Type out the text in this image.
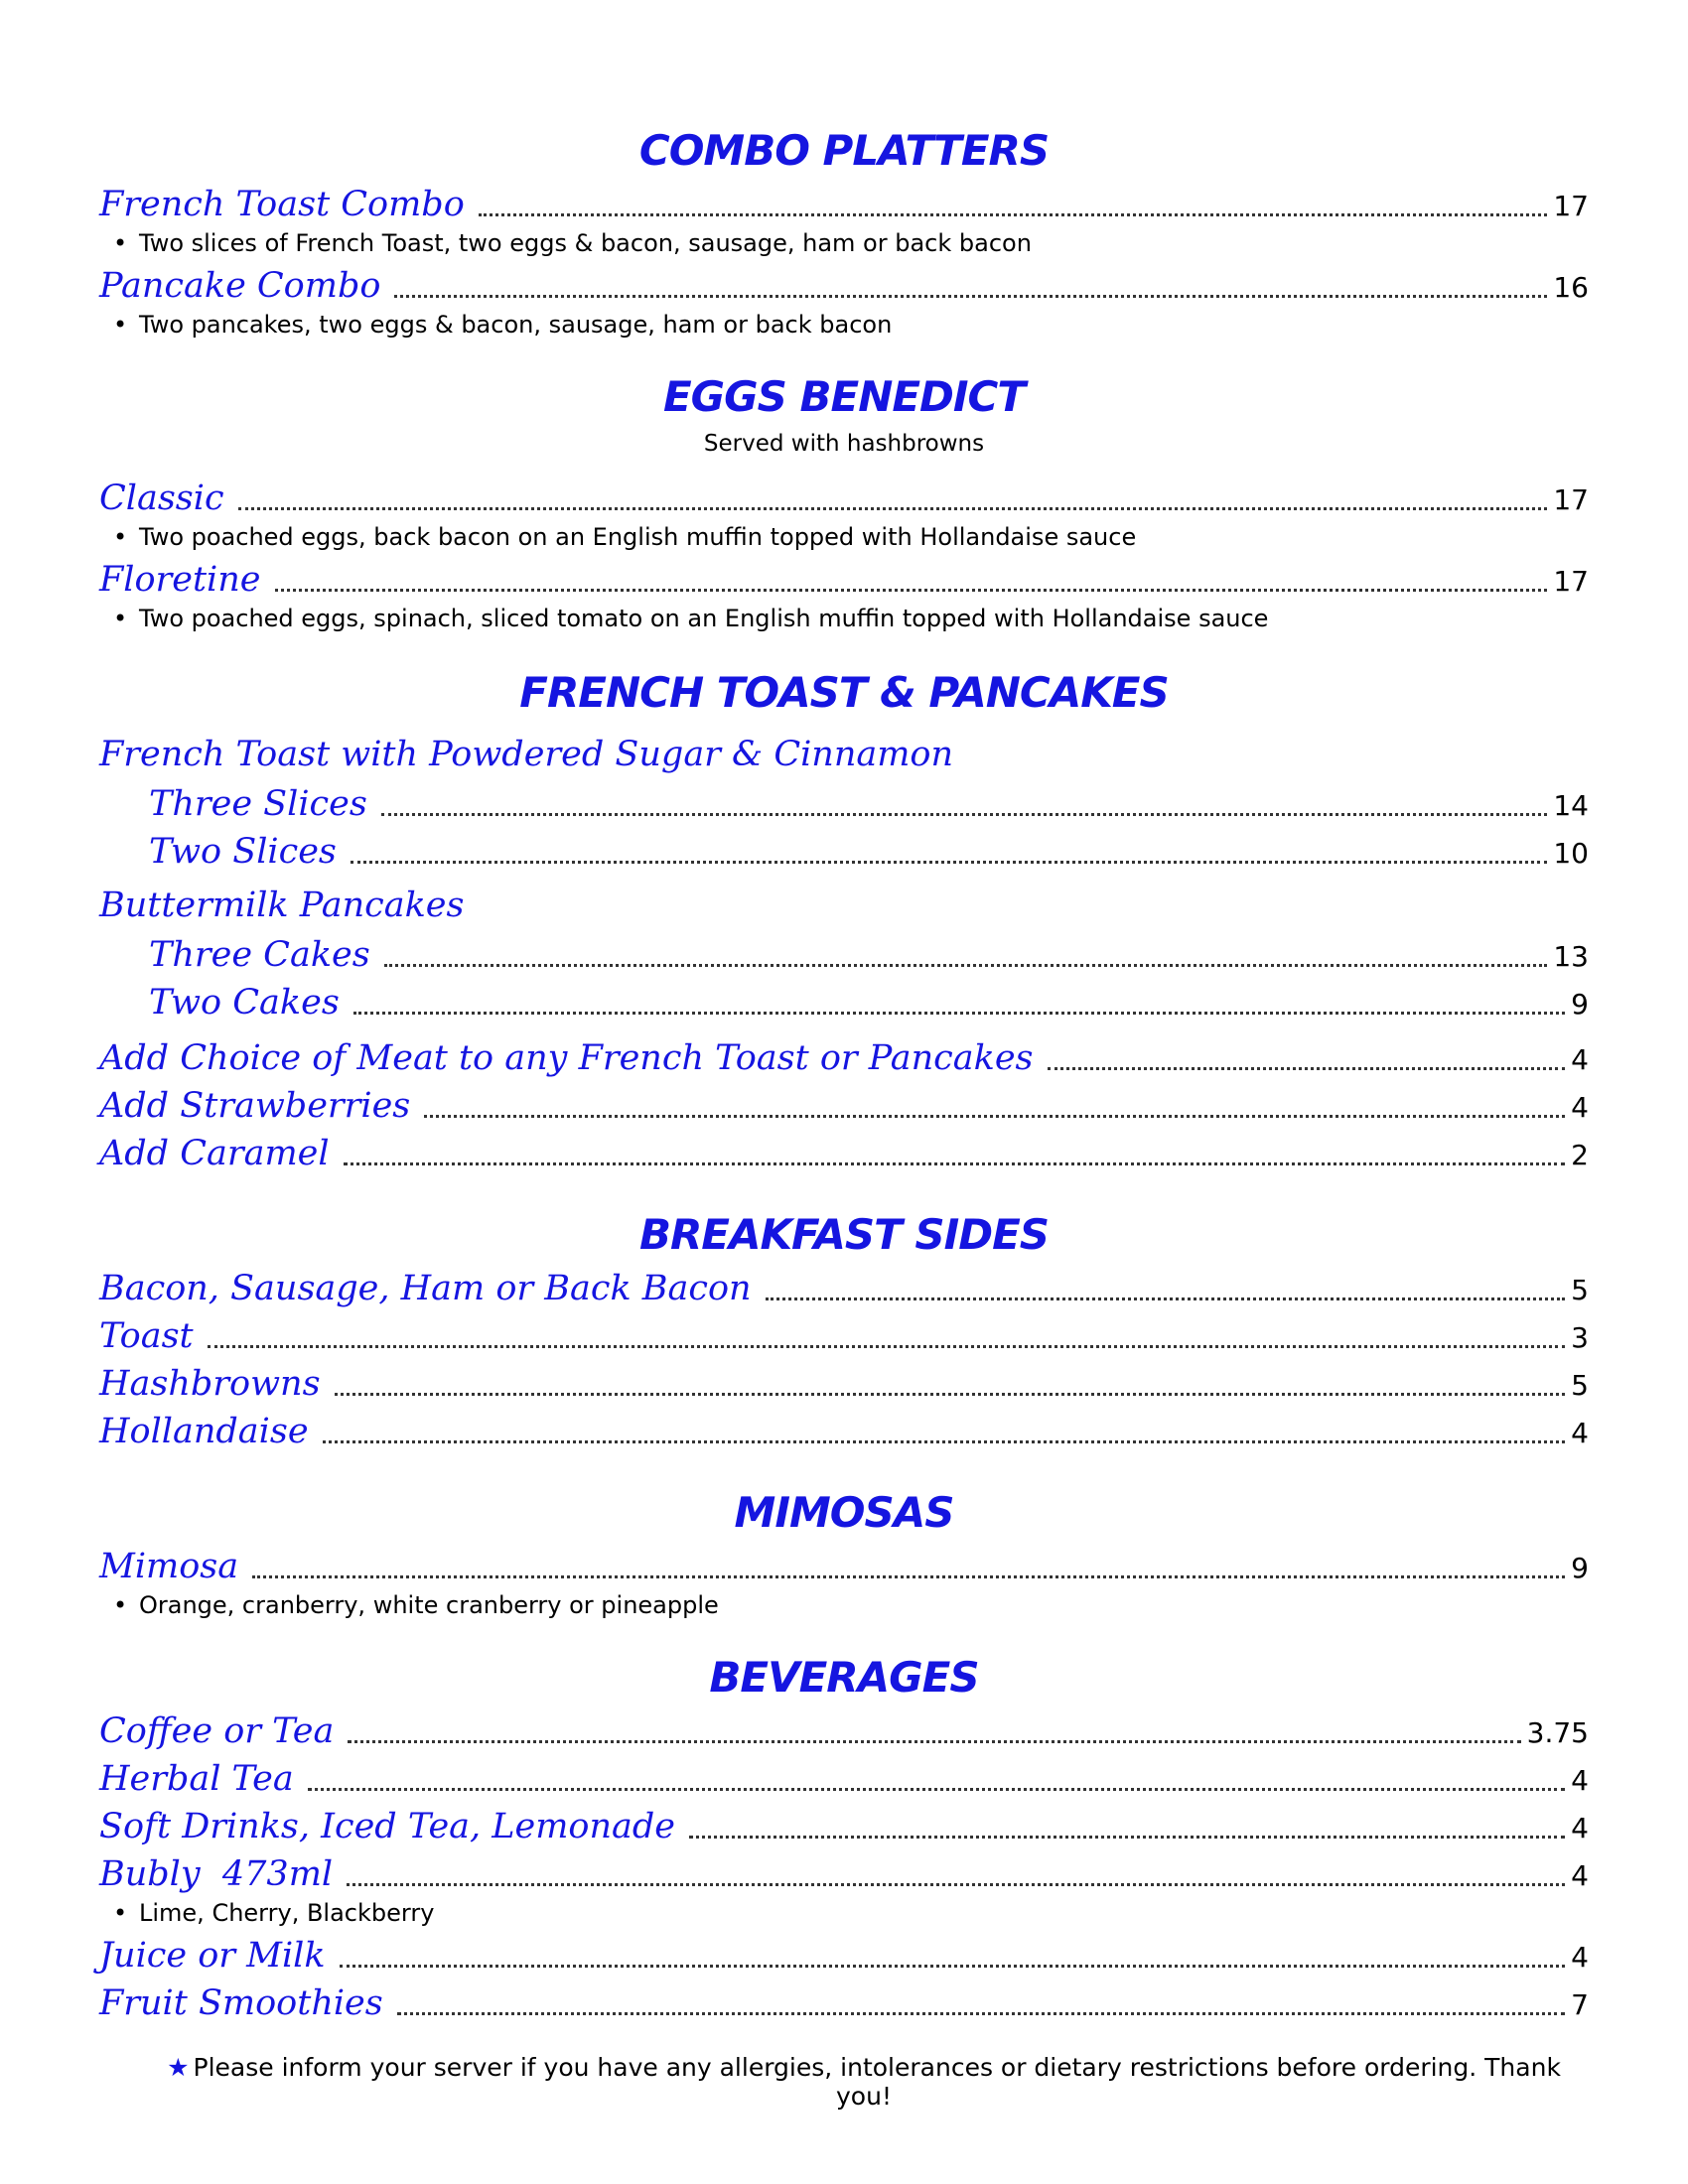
COMBO PLATTERS
French Toast Combo	17
• Two slices of French Toast, two eggs & bacon, sausage, ham or back bacon
Pancake Combo	16
• Two pancakes, two eggs & bacon, sausage, ham or back bacon
EGGS BENEDICT
Served with hashbrowns
Classic	17
• Two poached eggs, back bacon on an English muffin topped with Hollandaise sauce
Floretine	17
• Two poached eggs, spinach, sliced tomato on an English muffin topped with Hollandaise sauce
FRENCH TOAST & PANCAKES
French Toast with Powdered Sugar & Cinnamon
Three Slices	14
Two Slices	10
Buttermilk Pancakes
Three Cakes	13
Two Cakes	9
Add Choice of Meat to any French Toast or Pancakes	4
Add Strawberries	4
Add Caramel	2
BREAKFAST SIDES
Bacon, Sausage, Ham or Back Bacon	5
Toast	3
Hashbrowns	5
Hollandaise	4
MIMOSAS
Mimosa	9
• Orange, cranberry, white cranberry or pineapple
BEVERAGES
Coffee or Tea	3.75
Herbal Tea	4
Soft Drinks, Iced Tea, Lemonade	4
Bubly  473ml	4
• Lime, Cherry, Blackberry
Juice or Milk	4
Fruit Smoothies	7
★ Please inform your server if you have any allergies, intolerances or dietary restrictions before ordering. Thank you!
